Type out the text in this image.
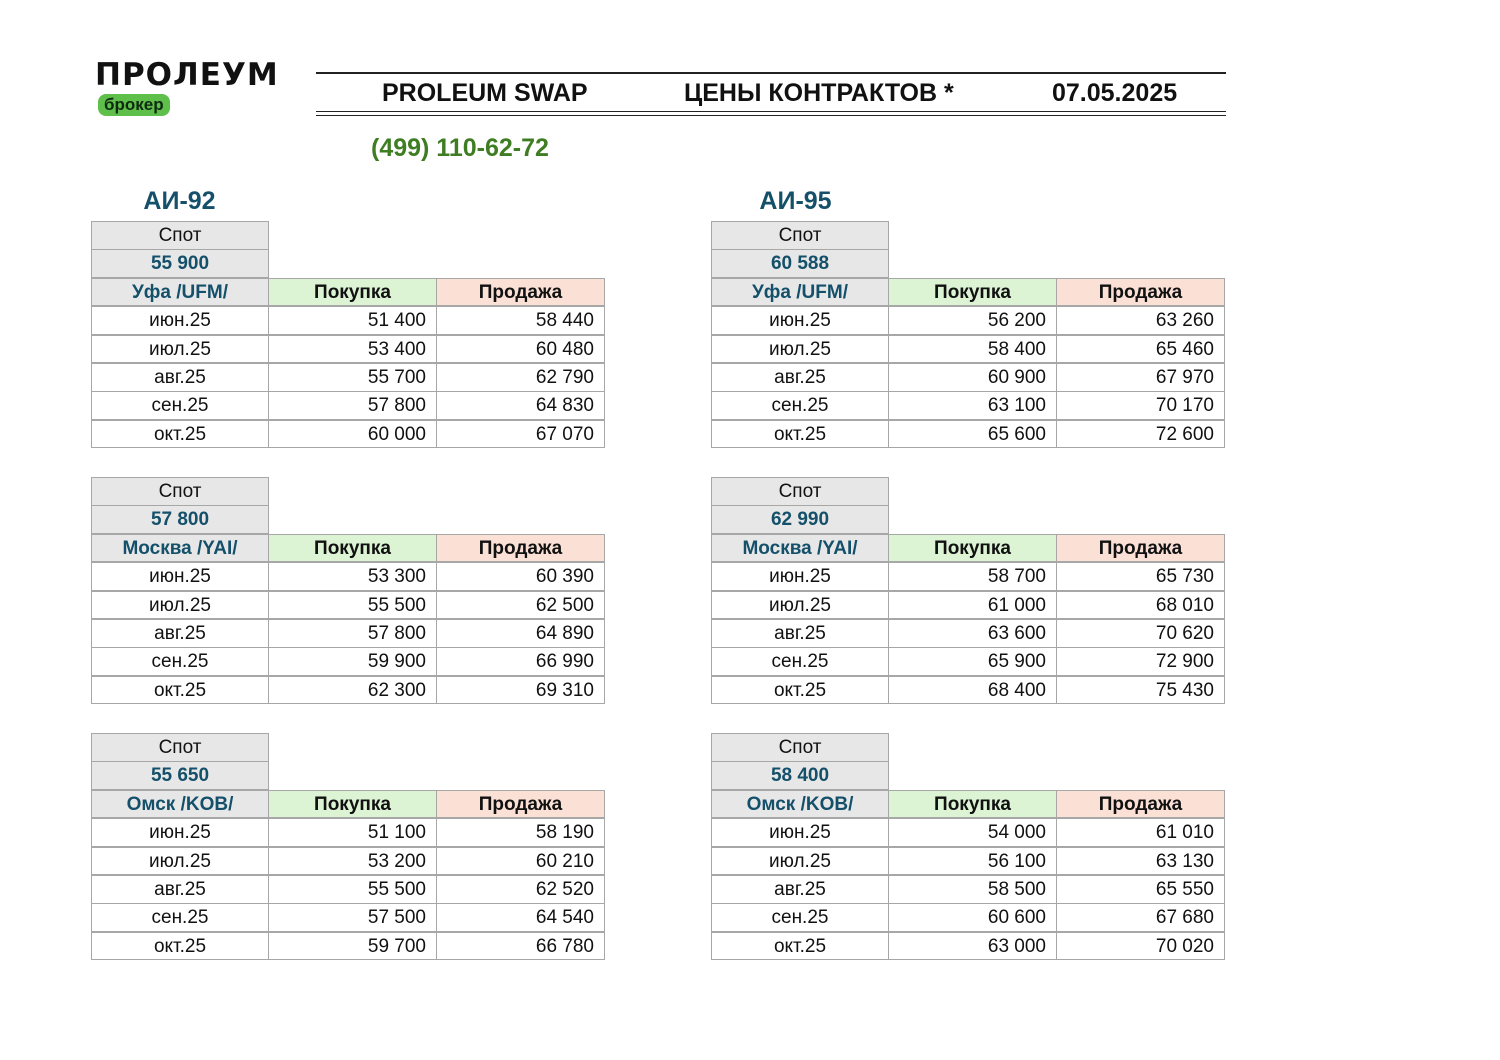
ПРОЛЕУМ
брокер	PROLEUM SWAP	ЦЕНЫ КОНТРАКТОВ *	07.05.2025
(499) 110-62-72
АИ-92	АИ-95
Спот
55 900
Уфа /UFM/	Покупка	Продажа
июн.25	51 400	58 440
июл.25	53 400	60 480
авг.25	55 700	62 790
сен.25	57 800	64 830
окт.25	60 000	67 070
Спот
57 800
Москва /YAI/	Покупка	Продажа
июн.25	53 300	60 390
июл.25	55 500	62 500
авг.25	57 800	64 890
сен.25	59 900	66 990
окт.25	62 300	69 310
Спот
55 650
Омск /KOB/	Покупка	Продажа
июн.25	51 100	58 190
июл.25	53 200	60 210
авг.25	55 500	62 520
сен.25	57 500	64 540
окт.25	59 700	66 780
Спот
60 588
Уфа /UFM/	Покупка	Продажа
июн.25	56 200	63 260
июл.25	58 400	65 460
авг.25	60 900	67 970
сен.25	63 100	70 170
окт.25	65 600	72 600
Спот
62 990
Москва /YAI/	Покупка	Продажа
июн.25	58 700	65 730
июл.25	61 000	68 010
авг.25	63 600	70 620
сен.25	65 900	72 900
окт.25	68 400	75 430
Спот
58 400
Омск /KOB/	Покупка	Продажа
июн.25	54 000	61 010
июл.25	56 100	63 130
авг.25	58 500	65 550
сен.25	60 600	67 680
окт.25	63 000	70 020
